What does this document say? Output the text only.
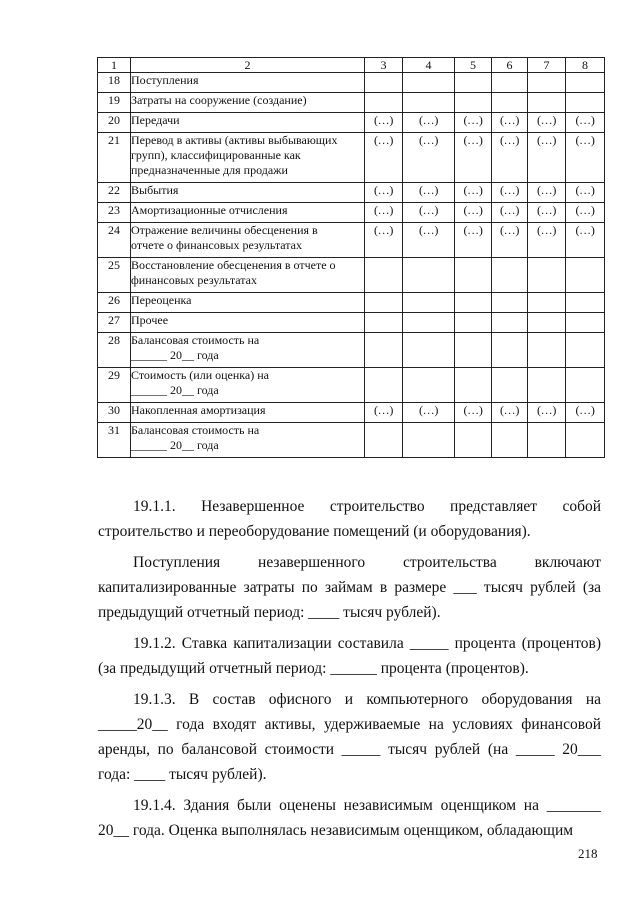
1	2	3	4	5	6	7	8
18	Поступления						

19	Затраты на сооружение (создание)						

20	Передачи	(…)	(…)	(…)	(…)	(…)	(…)
21	Перевод в активы (активы выбывающих
групп), классифицированные как
предназначенные для продажи	(…)	(…)	(…)	(…)	(…)	(…)
22	Выбытия	(…)	(…)	(…)	(…)	(…)	(…)
23	Амортизационные отчисления	(…)	(…)	(…)	(…)	(…)	(…)
24	Отражение величины обесценения в
отчете о финансовых результатах	(…)	(…)	(…)	(…)	(…)	(…)
25	Восстановление обесценения в отчете о
финансовых результатах						

26	Переоценка						

27	Прочее						

28	Балансовая стоимость на
______ 20__ года						

29	Стоимость (или оценка) на
______ 20__ года						

30	Накопленная амортизация	(…)	(…)	(…)	(…)	(…)	(…)
31	Балансовая стоимость на
______ 20__ года						

19.1.1. Незавершенное строительство представляет собой строительство и переоборудование помещений (и оборудования).

Поступления незавершенного строительства включают капитализированные затраты по займам в размере ___ тысяч рублей (за предыдущий отчетный период: ____ тысяч рублей).

19.1.2. Ставка капитализации составила _____ процента (процентов) (за предыдущий отчетный период: ______ процента (процентов).

19.1.3. В состав офисного и компьютерного оборудования на _____20__ года входят активы, удерживаемые на условиях финансовой аренды, по балансовой стоимости _____ тысяч рублей (на _____ 20___ года: ____ тысяч рублей).

19.1.4. Здания были оценены независимым оценщиком на _______ 20__ года. Оценка выполнялась независимым оценщиком, обладающим

218
